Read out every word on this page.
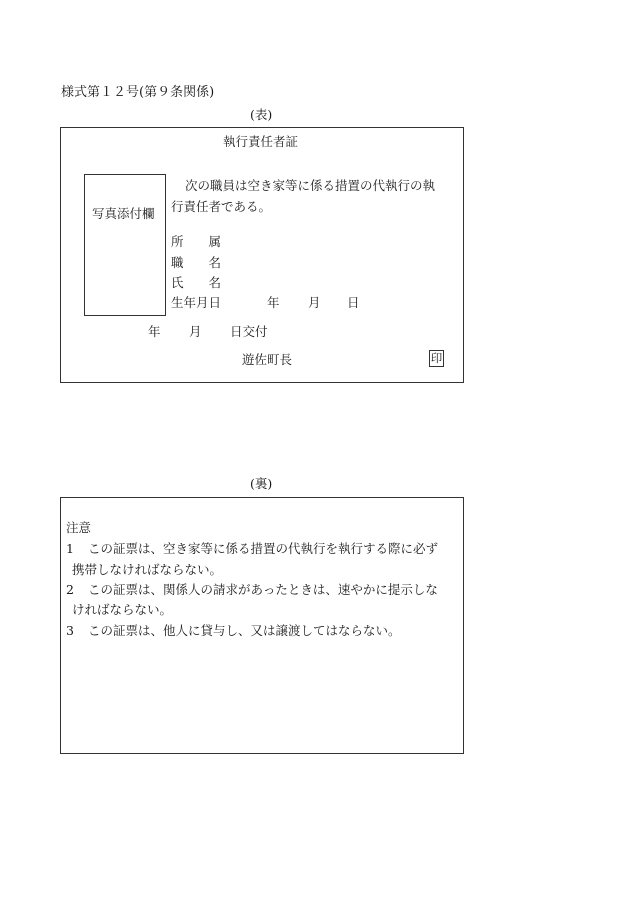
様式第１２号(第９条関係)
(表)
執行責任者証
写真添付欄
次の職員は空き家等に係る措置の代執行の執
行責任者である。
所　　属
職　　名
氏　　名
生年月日	年 月 日
年 月 日交付
遊佐町長	印
(裏)
注意
1 この証票は、空き家等に係る措置の代執行を執行する際に必ず
携帯しなければならない。
2 この証票は、関係人の請求があったときは、速やかに提示しな
ければならない。
3 この証票は、他人に貸与し、又は譲渡してはならない。
